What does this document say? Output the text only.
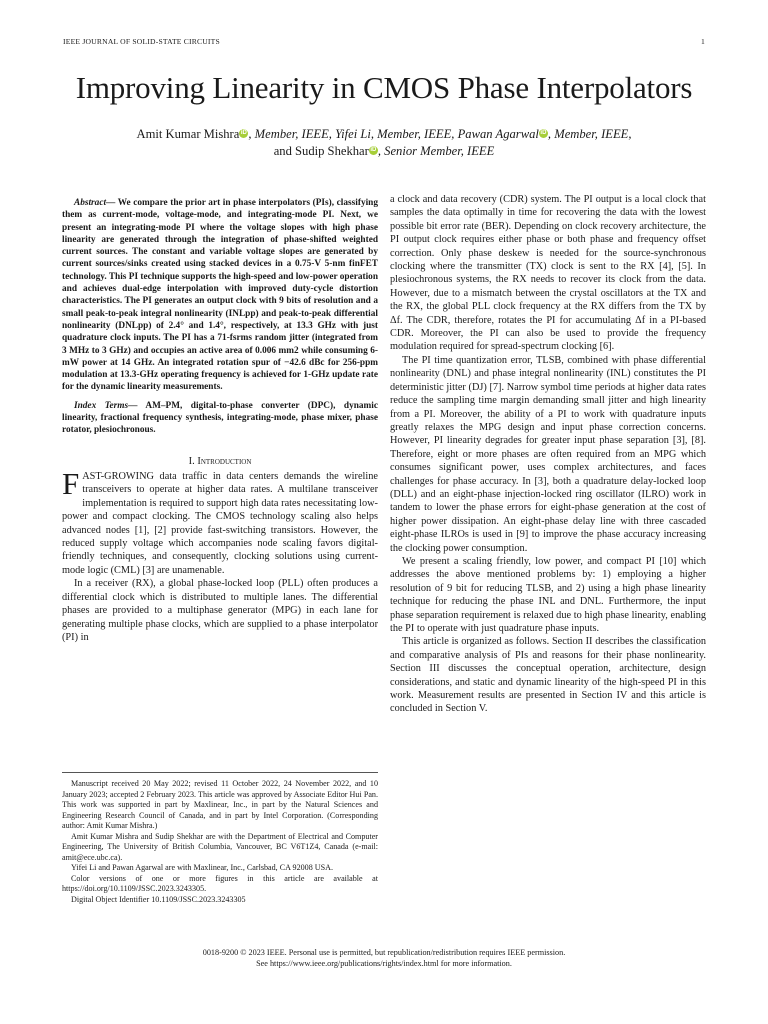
IEEE JOURNAL OF SOLID-STATE CIRCUITS	1
Improving Linearity in CMOS Phase Interpolators
Amit Kumar Mishra iD , Member, IEEE, Yifei Li, Member, IEEE, Pawan Agarwal iD , Member, IEEE,
and Sudip Shekhar iD , Senior Member, IEEE

Abstract— We compare the prior art in phase interpolators (PIs), classifying them as current-mode, voltage-mode, and integrating-mode PI. Next, we present an integrating-mode PI where the voltage slopes with high phase linearity are generated through the integration of phase-shifted weighted current sources. The constant and variable voltage slopes are generated by current sources/sinks created using stacked devices in a 0.75-V 5-nm finFET technology. This PI technique supports the high-speed and low-power operation and achieves dual-edge interpolation with improved duty-cycle distortion characteristics. The PI generates an output clock with 9 bits of resolution and a small peak-to-peak integral nonlinearity (INLpp) and peak-to-peak differential nonlinearity (DNLpp) of 2.4° and 1.4°, respectively, at 13.3 GHz with just quadrature clock inputs. The PI has a 71-fsrms random jitter (integrated from 3 MHz to 3 GHz) and occupies an active area of 0.006 mm2 while consuming 6-mW power at 14 GHz. An integrated rotation spur of −42.6 dBc for 256-ppm modulation at 13.3-GHz operating frequency is achieved for 1-GHz update rate for the dynamic linearity measurements.

Index Terms— AM–PM, digital-to-phase converter (DPC), dynamic linearity, fractional frequency synthesis, integrating-mode, phase mixer, phase rotator, plesiochronous.

I. Introduction

FAST-GROWING data traffic in data centers demands the wireline transceivers to operate at higher data rates. A multilane transceiver implementation is required to support high data rates necessitating low-power and compact clocking. The CMOS technology scaling also helps advanced nodes [1], [2] provide fast-switching transistors. However, the reduced supply voltage which accompanies node scaling favors digital-friendly techniques, and consequently, clocking solutions using current-mode logic (CML) [3] are unamenable.

In a receiver (RX), a global phase-locked loop (PLL) often produces a differential clock which is distributed to multiple lanes. The differential phases are provided to a multiphase generator (MPG) in each lane for generating multiple phase clocks, which are supplied to a phase interpolator (PI) in

a clock and data recovery (CDR) system. The PI output is a local clock that samples the data optimally in time for recovering the data with the lowest possible bit error rate (BER). Depending on clock recovery architecture, the PI output clock requires either phase or both phase and frequency offset correction. Only phase deskew is needed for the source-synchronous clocking where the transmitter (TX) clock is sent to the RX [4], [5]. In plesiochronous systems, the RX needs to recover its clock from the data. However, due to a mismatch between the crystal oscillators at the TX and the RX, the global PLL clock frequency at the RX differs from the TX by Δf. The CDR, therefore, rotates the PI for accumulating Δf in a PI-based CDR. Moreover, the PI can also be used to provide the frequency modulation required for spread-spectrum clocking [6].

The PI time quantization error, TLSB, combined with phase differential nonlinearity (DNL) and phase integral nonlinearity (INL) constitutes the PI deterministic jitter (DJ) [7]. Narrow symbol time periods at higher data rates reduce the sampling time margin demanding small jitter and high linearity from a PI. Moreover, the ability of a PI to work with quadrature inputs greatly relaxes the MPG design and input phase correction concerns. However, PI linearity degrades for greater input phase separation [3], [8]. Therefore, eight or more phases are often required from an MPG which consumes significant power, uses complex architectures, and faces challenges for phase accuracy. In [3], both a quadrature delay-locked loop (DLL) and an eight-phase injection-locked ring oscillator (ILRO) work in tandem to lower the phase errors for eight-phase generation at the cost of higher power dissipation. An eight-phase delay line with three cascaded eight-phase ILROs is used in [9] to improve the phase accuracy increasing the clocking power consumption.

We present a scaling friendly, low power, and compact PI [10] which addresses the above mentioned problems by: 1) employing a higher resolution of 9 bit for reducing TLSB, and 2) using a high phase linearity technique for reducing the phase INL and DNL. Furthermore, the input phase separation requirement is relaxed due to high phase linearity, enabling the PI to operate with just quadrature phase inputs.

This article is organized as follows. Section II describes the classification and comparative analysis of PIs and reasons for their phase nonlinearity. Section III discusses the conceptual operation, architecture, design considerations, and static and dynamic linearity of the high-speed PI in this work. Measurement results are presented in Section IV and this article is concluded in Section V.

Manuscript received 20 May 2022; revised 11 October 2022, 24 November 2022, and 10 January 2023; accepted 2 February 2023. This article was approved by Associate Editor Hui Pan. This work was supported in part by Maxlinear, Inc., in part by the Natural Sciences and Engineering Research Council of Canada, and in part by Intel Corporation. (Corresponding author: Amit Kumar Mishra.)

Amit Kumar Mishra and Sudip Shekhar are with the Department of Electrical and Computer Engineering, The University of British Columbia, Vancouver, BC V6T1Z4, Canada (e-mail: amit@ece.ubc.ca).

Yifei Li and Pawan Agarwal are with Maxlinear, Inc., Carlsbad, CA 92008 USA.

Color versions of one or more figures in this article are available at https://doi.org/10.1109/JSSC.2023.3243305.

Digital Object Identifier 10.1109/JSSC.2023.3243305

0018-9200 © 2023 IEEE. Personal use is permitted, but republication/redistribution requires IEEE permission.
See https://www.ieee.org/publications/rights/index.html for more information.
